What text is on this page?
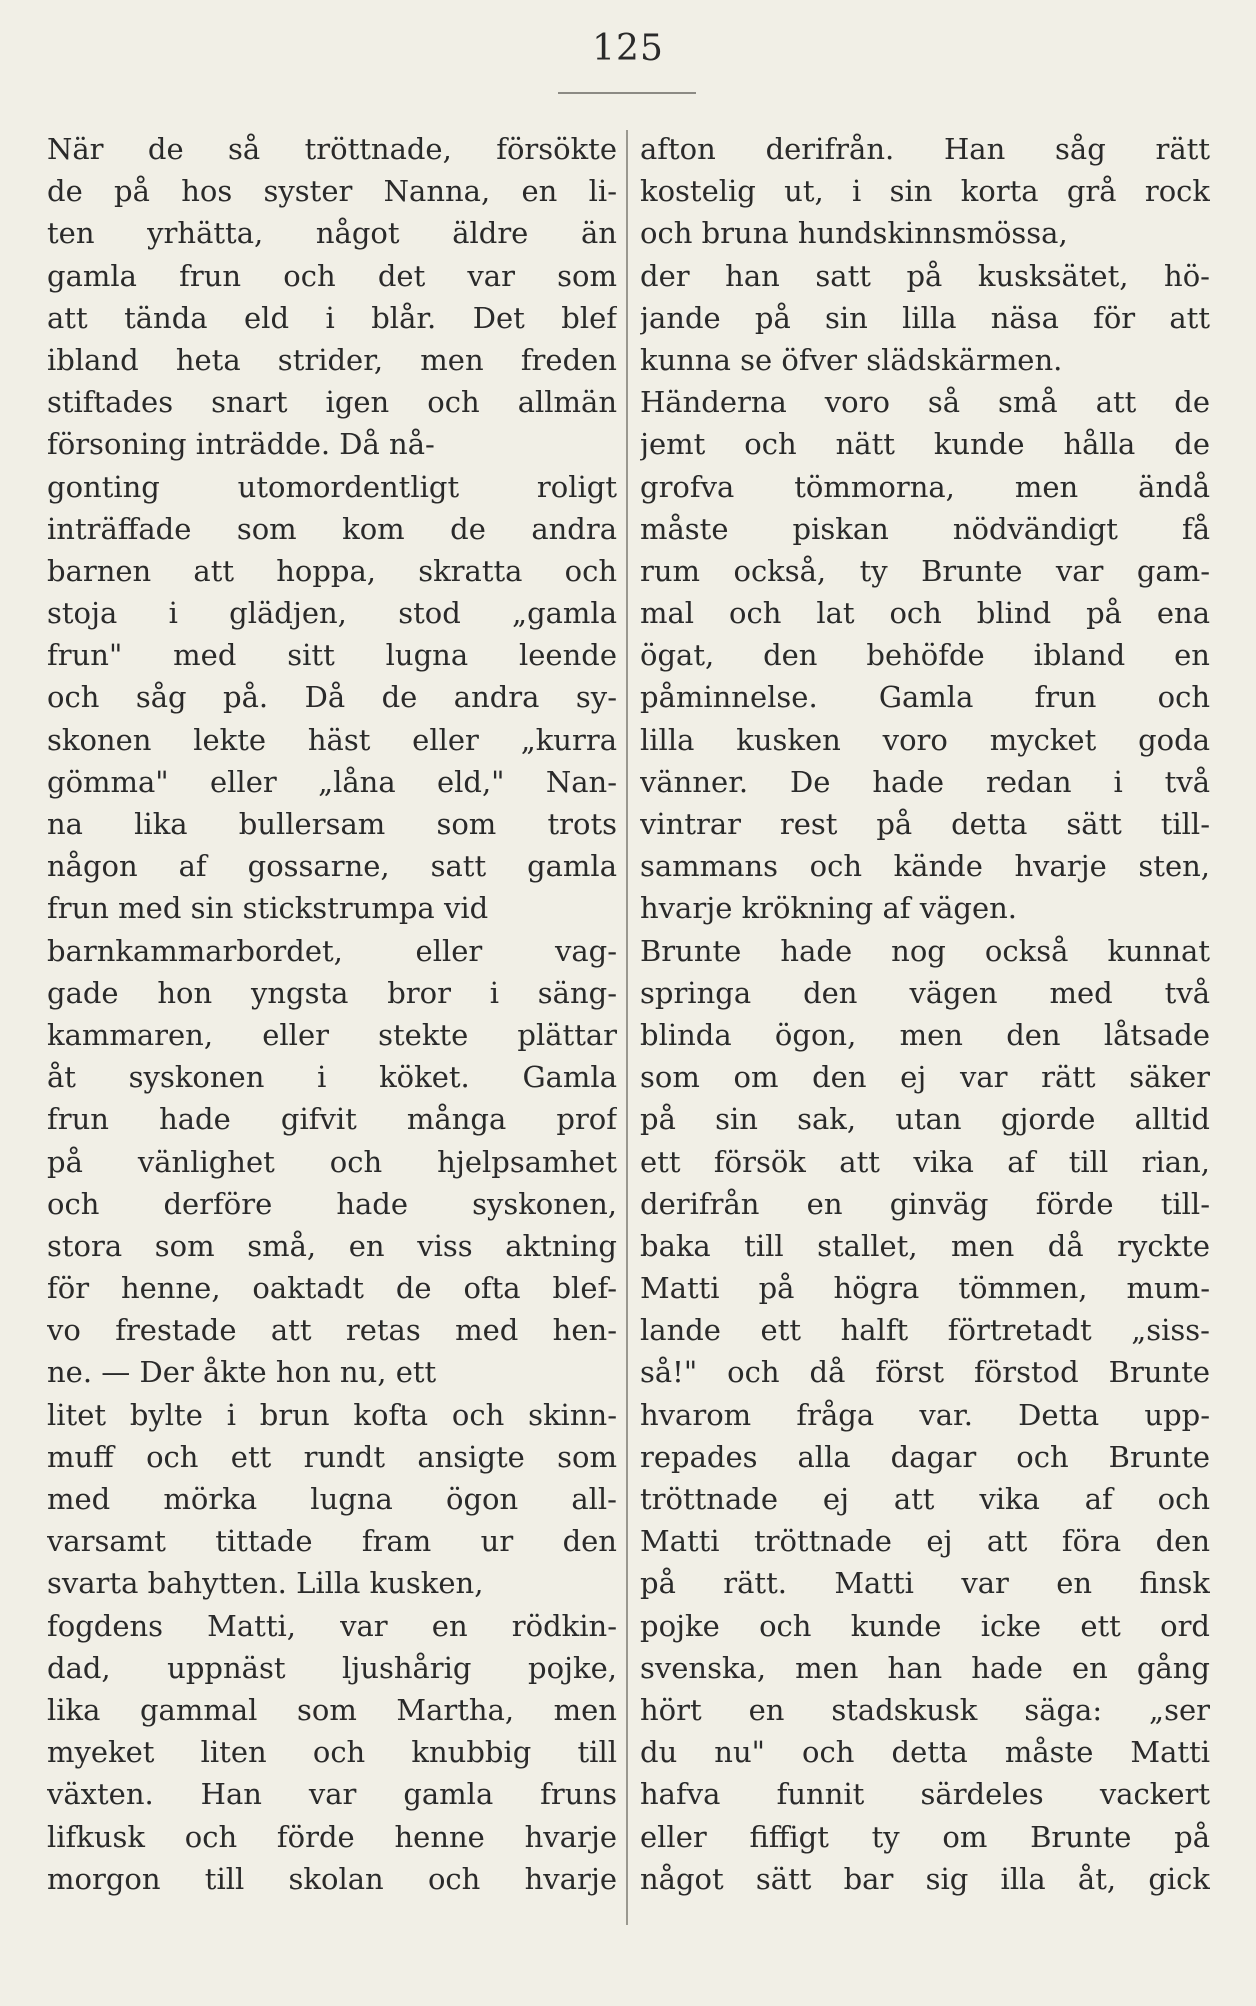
125
När de så tröttnade, försökte
de på hos syster Nanna, en li-
ten yrhätta, något äldre än
gamla frun och det var som
att tända eld i blår. Det blef
ibland heta strider, men freden
stiftades snart igen och allmän
försoning inträdde. Då nå-
gonting utomordentligt roligt
inträffade som kom de andra
barnen att hoppa, skratta och
stoja i glädjen, stod „gamla
frun" med sitt lugna leende
och såg på. Då de andra sy-
skonen lekte häst eller „kurra
gömma" eller „låna eld," Nan-
na lika bullersam som trots
någon af gossarne, satt gamla
frun med sin stickstrumpa vid
barnkammarbordet, eller vag-
gade hon yngsta bror i säng-
kammaren, eller stekte plättar
åt syskonen i köket. Gamla
frun hade gifvit många prof
på vänlighet och hjelpsamhet
och derföre hade syskonen,
stora som små, en viss aktning
för henne, oaktadt de ofta blef-
vo frestade att retas med hen-
ne. — Der åkte hon nu, ett
litet bylte i brun kofta och skinn-
muff och ett rundt ansigte som
med mörka lugna ögon all-
varsamt tittade fram ur den
svarta bahytten. Lilla kusken,
fogdens Matti, var en rödkin-
dad, uppnäst ljushårig pojke,
lika gammal som Martha, men
myeket liten och knubbig till
växten. Han var gamla fruns
lifkusk och förde henne hvarje
morgon till skolan och hvarje
afton derifrån. Han såg rätt
kostelig ut, i sin korta grå rock
och bruna hundskinnsmössa,
der han satt på kusksätet, hö-
jande på sin lilla näsa för att
kunna se öfver slädskärmen.
Händerna voro så små att de
jemt och nätt kunde hålla de
grofva tömmorna, men ändå
måste piskan nödvändigt få
rum också, ty Brunte var gam-
mal och lat och blind på ena
ögat, den behöfde ibland en
påminnelse. Gamla frun och
lilla kusken voro mycket goda
vänner. De hade redan i två
vintrar rest på detta sätt till-
sammans och kände hvarje sten,
hvarje krökning af vägen.
Brunte hade nog också kunnat
springa den vägen med två
blinda ögon, men den låtsade
som om den ej var rätt säker
på sin sak, utan gjorde alltid
ett försök att vika af till rian,
derifrån en ginväg förde till-
baka till stallet, men då ryckte
Matti på högra tömmen, mum-
lande ett halft förtretadt „siss-
så!" och då först förstod Brunte
hvarom fråga var. Detta upp-
repades alla dagar och Brunte
tröttnade ej att vika af och
Matti tröttnade ej att föra den
på rätt. Matti var en finsk
pojke och kunde icke ett ord
svenska, men han hade en gång
hört en stadskusk säga: „ser
du nu" och detta måste Matti
hafva funnit särdeles vackert
eller fiffigt ty om Brunte på
något sätt bar sig illa åt, gick
